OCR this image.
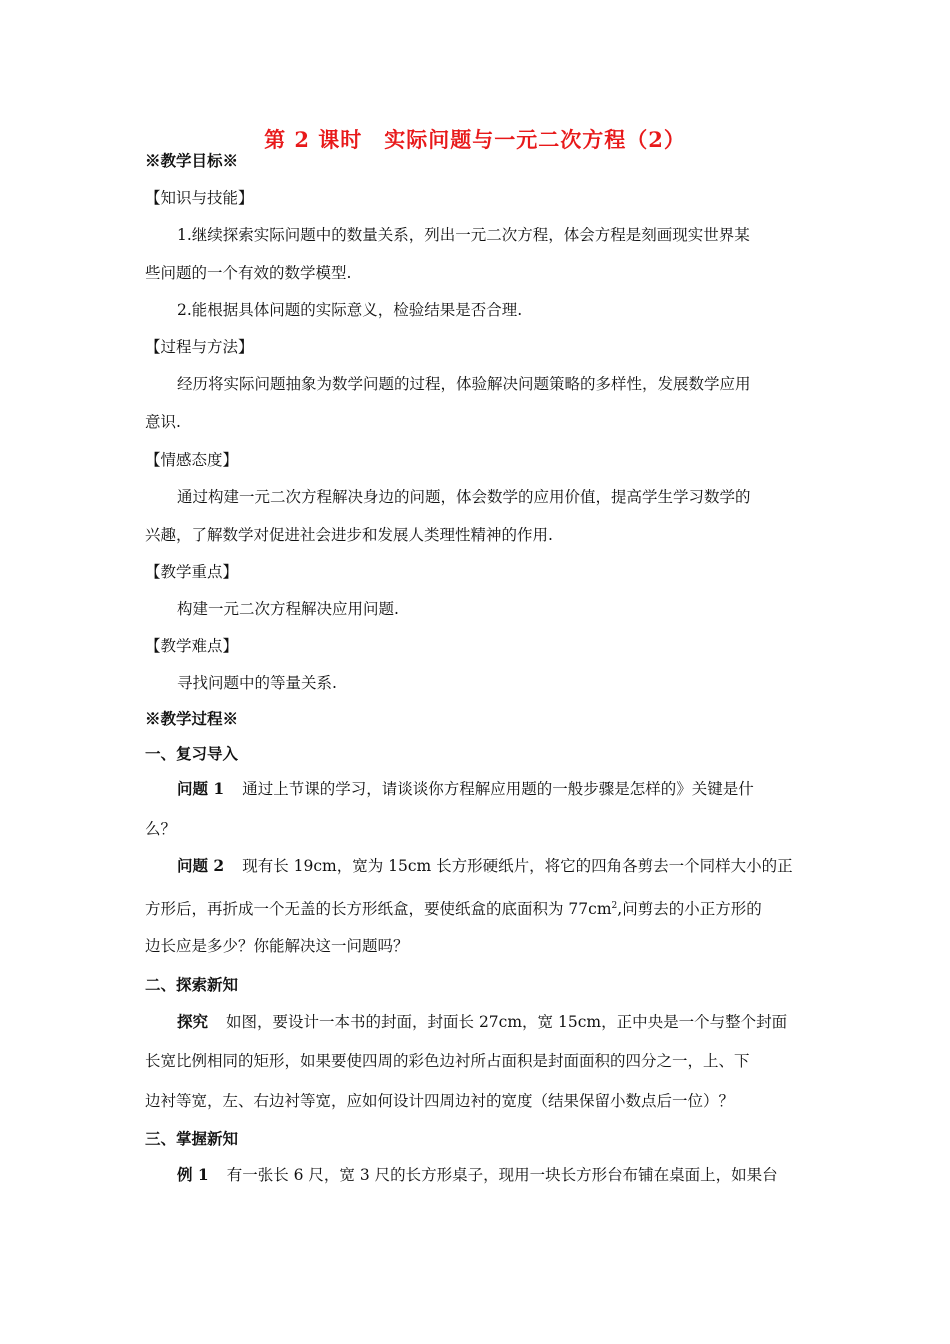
第 2 课时　实际问题与一元二次方程（2）
※教学目标※
【知识与技能】
1.继续探索实际问题中的数量关系，列出一元二次方程，体会方程是刻画现实世界某
些问题的一个有效的数学模型.
2.能根据具体问题的实际意义，检验结果是否合理.
【过程与方法】
经历将实际问题抽象为数学问题的过程，体验解决问题策略的多样性，发展数学应用
意识.
【情感态度】
通过构建一元二次方程解决身边的问题，体会数学的应用价值，提高学生学习数学的
兴趣，了解数学对促进社会进步和发展人类理性精神的作用.
【教学重点】
构建一元二次方程解决应用问题.
【教学难点】
寻找问题中的等量关系.
※教学过程※
一、复习导入
问题 1 通过上节课的学习，请谈谈你方程解应用题的一般步骤是怎样的》关键是什
么？
问题 2 现有长 19cm，宽为 15cm 长方形硬纸片，将它的四角各剪去一个同样大小的正
方形后，再折成一个无盖的长方形纸盒，要使纸盒的底面积为 $77cm^2$,问剪去的小正方形的
边长应是多少？你能解决这一问题吗？
二、探索新知
探究 如图，要设计一本书的封面，封面长 27cm，宽 15cm，正中央是一个与整个封面
长宽比例相同的矩形，如果要使四周的彩色边衬所占面积是封面面积的四分之一，上、下
边衬等宽，左、右边衬等宽，应如何设计四周边衬的宽度（结果保留小数点后一位）？
三、掌握新知
例 1 有一张长 6 尺，宽 3 尺的长方形桌子，现用一块长方形台布铺在桌面上，如果台
